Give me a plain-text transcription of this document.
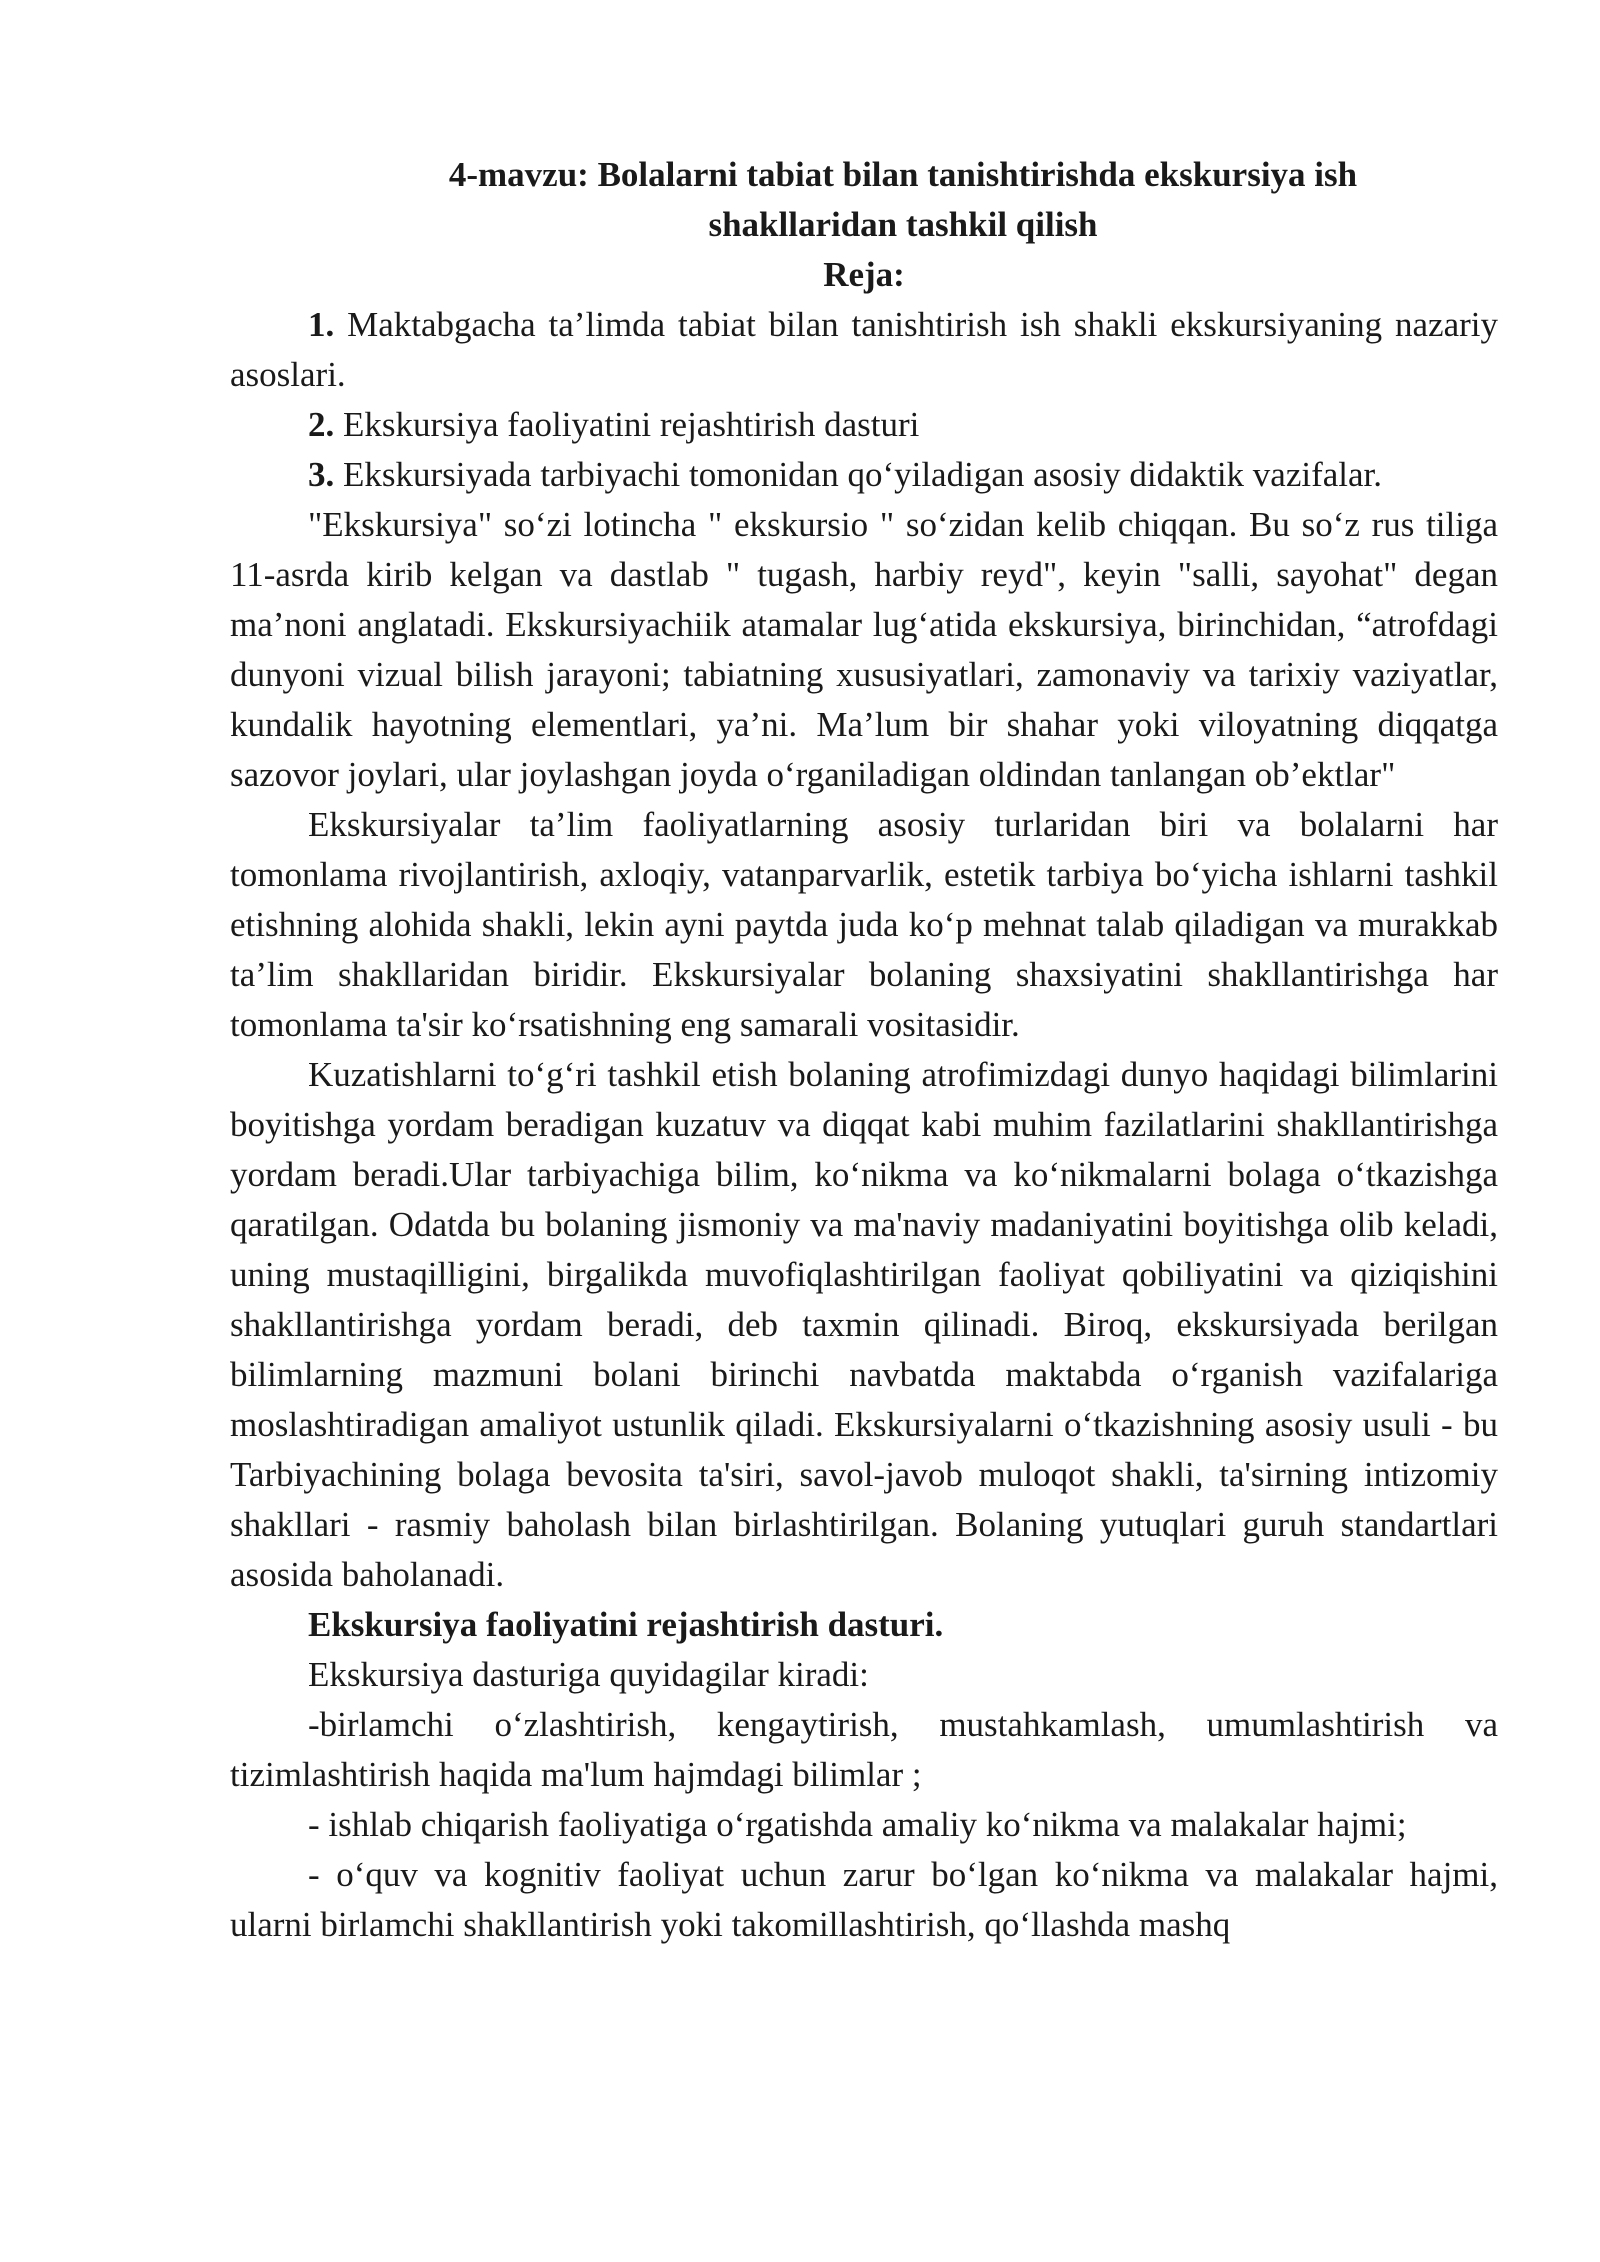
4-mavzu: Bolalarni tabiat bilan tanishtirishda ekskursiya ish
shakllaridan tashkil qilish
Reja:

1. Maktabgacha ta’limda tabiat bilan tanishtirish ish shakli ekskursiyaning nazariy asoslari.

2. Ekskursiya faoliyatini rejashtirish dasturi

3. Ekskursiyada tarbiyachi tomonidan qo‘yiladigan asosiy didaktik vazifalar.

"Ekskursiya" so‘zi lotincha " ekskursio " so‘zidan kelib chiqqan. Bu so‘z rus tiliga 11-asrda kirib kelgan va dastlab " tugash, harbiy reyd", keyin "salli, sayohat" degan ma’noni anglatadi. Ekskursiyachiik atamalar lug‘atida ekskursiya, birinchidan, “atrofdagi dunyoni vizual bilish jarayoni; tabiatning xususiyatlari, zamonaviy va tarixiy vaziyatlar, kundalik hayotning elementlari, ya’ni. Ma’lum bir shahar yoki viloyatning diqqatga sazovor joylari, ular joylashgan joyda o‘rganiladigan oldindan tanlangan ob’ektlar"

Ekskursiyalar ta’lim faoliyatlarning asosiy turlaridan biri va bolalarni har tomonlama rivojlantirish, axloqiy, vatanparvarlik, estetik tarbiya bo‘yicha ishlarni tashkil etishning alohida shakli, lekin ayni paytda juda ko‘p mehnat talab qiladigan va murakkab ta’lim shakllaridan biridir. Ekskursiyalar bolaning shaxsiyatini shakllantirishga har tomonlama ta'sir ko‘rsatishning eng samarali vositasidir.

Kuzatishlarni to‘g‘ri tashkil etish bolaning atrofimizdagi dunyo haqidagi bilimlarini boyitishga yordam beradigan kuzatuv va diqqat kabi muhim fazilatlarini shakllantirishga yordam beradi.Ular tarbiyachiga bilim, ko‘nikma va ko‘nikmalarni bolaga o‘tkazishga qaratilgan. Odatda bu bolaning jismoniy va ma'naviy madaniyatini boyitishga olib keladi, uning mustaqilligini, birgalikda muvofiqlashtirilgan faoliyat qobiliyatini va qiziqishini shakllantirishga yordam beradi, deb taxmin qilinadi. Biroq, ekskursiyada berilgan bilimlarning mazmuni bolani birinchi navbatda maktabda o‘rganish vazifalariga moslashtiradigan amaliyot ustunlik qiladi. Ekskursiyalarni o‘tkazishning asosiy usuli - bu Tarbiyachining bolaga bevosita ta'siri, savol-javob muloqot shakli, ta'sirning intizomiy shakllari - rasmiy baholash bilan birlashtirilgan. Bolaning yutuqlari guruh standartlari asosida baholanadi.

Ekskursiya faoliyatini rejashtirish dasturi.

Ekskursiya dasturiga quyidagilar kiradi:

-birlamchi o‘zlashtirish, kengaytirish, mustahkamlash, umumlashtirish va tizimlashtirish haqida ma'lum hajmdagi bilimlar ;

- ishlab chiqarish faoliyatiga o‘rgatishda amaliy ko‘nikma va malakalar hajmi;

- o‘quv va kognitiv faoliyat uchun zarur bo‘lgan ko‘nikma va malakalar hajmi, ularni birlamchi shakllantirish yoki takomillashtirish, qo‘llashda mashq
